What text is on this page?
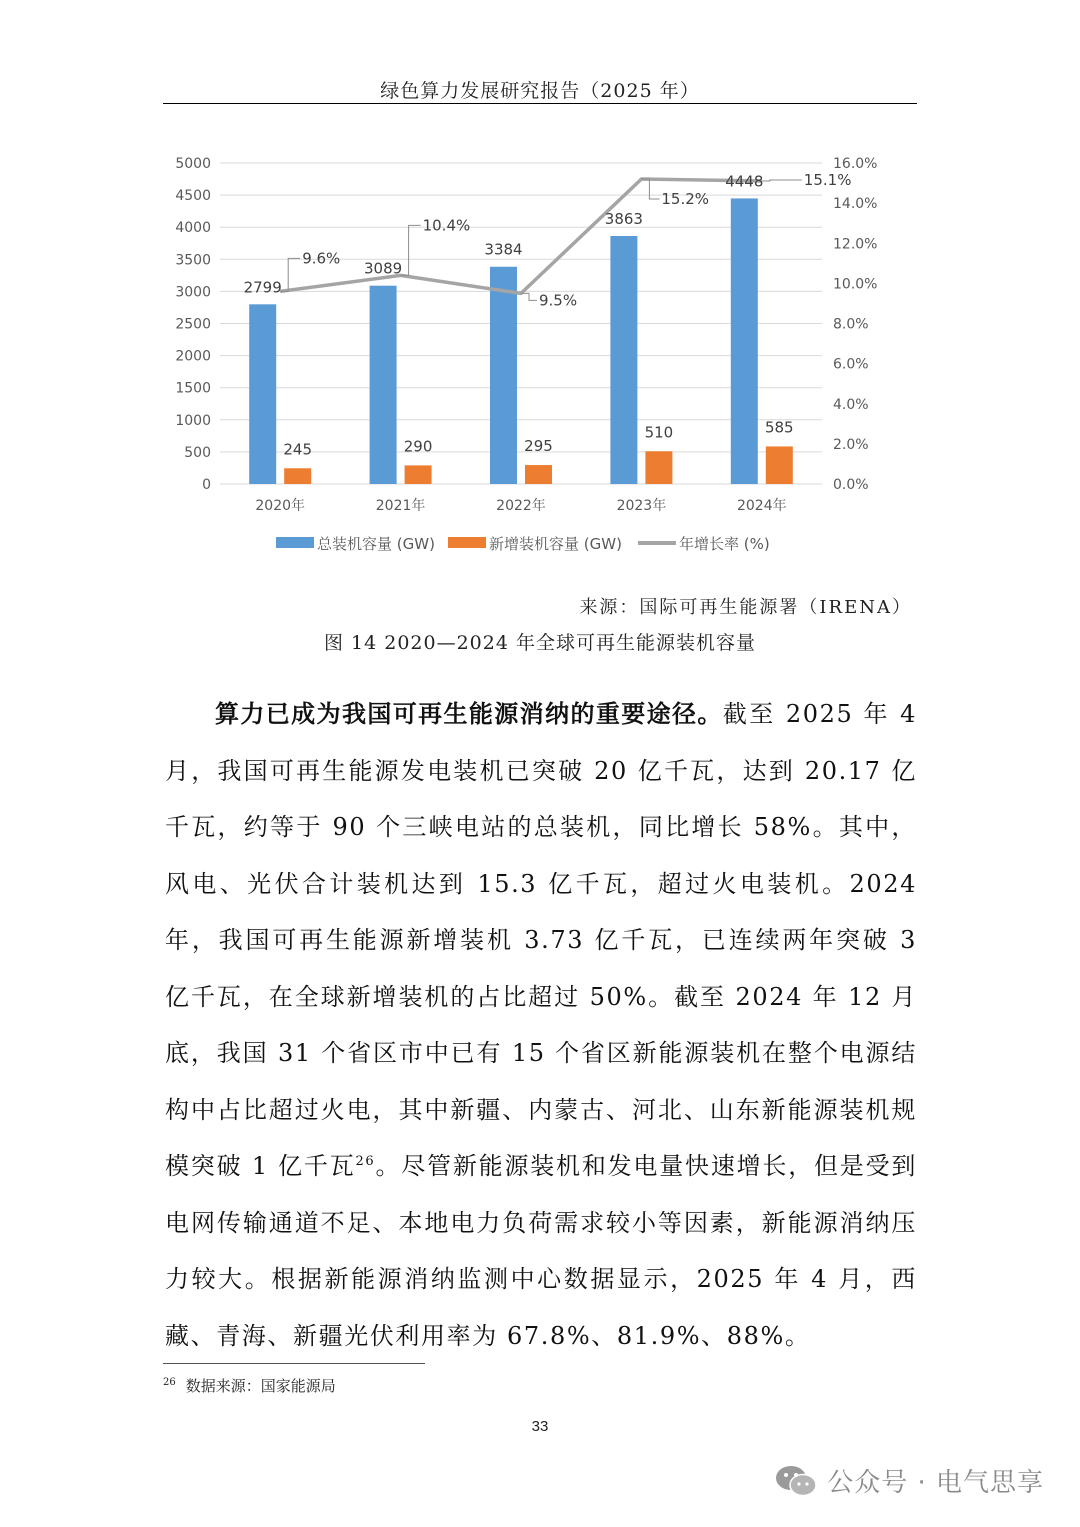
绿色算力发展研究报告（2025 年）
0
500
1000
1500
2000
2500
3000
3500
4000
4500
5000
0.0%
2.0%
4.0%
6.0%
8.0%
10.0%
12.0%
14.0%
16.0%
2799
245
3089
290
3384
295
3863
510
4448
585
9.6%
10.4%
9.5%
15.2%
15.1%
2020年	2021年	2022年	2023年	2024年
总装机容量 (GW)	新增装机容量 (GW)	年增长率 (%)
来源：国际可再生能源署（IRENA）
图 14 2020—2024 年全球可再生能源装机容量

算力已成为我国可再生能源消纳的重要途径。截至 2025 年 4 月，我国可再生能源发电装机已突破 20 亿千瓦，达到 20.17 亿千瓦，约等于 90 个三峡电站的总装机，同比增长 58%。其中，风电、光伏合计装机达到 15.3 亿千瓦，超过火电装机。2024 年，我国可再生能源新增装机 3.73 亿千瓦，已连续两年突破 3 亿千瓦，在全球新增装机的占比超过 50%。截至 2024 年 12 月底，我国 31 个省区市中已有 15 个省区新能源装机在整个电源结构中占比超过火电，其中新疆、内蒙古、河北、山东新能源装机规模突破 1 亿千瓦$^{26}$。尽管新能源装机和发电量快速增长，但是受到电网传输通道不足、本地电力负荷需求较小等因素，新能源消纳压力较大。根据新能源消纳监测中心数据显示，2025 年 4 月，西藏、青海、新疆光伏利用率为 67.8%、81.9%、88%。

$^{26}$ 数据来源：国家能源局
33
公众号 · 电气思享
